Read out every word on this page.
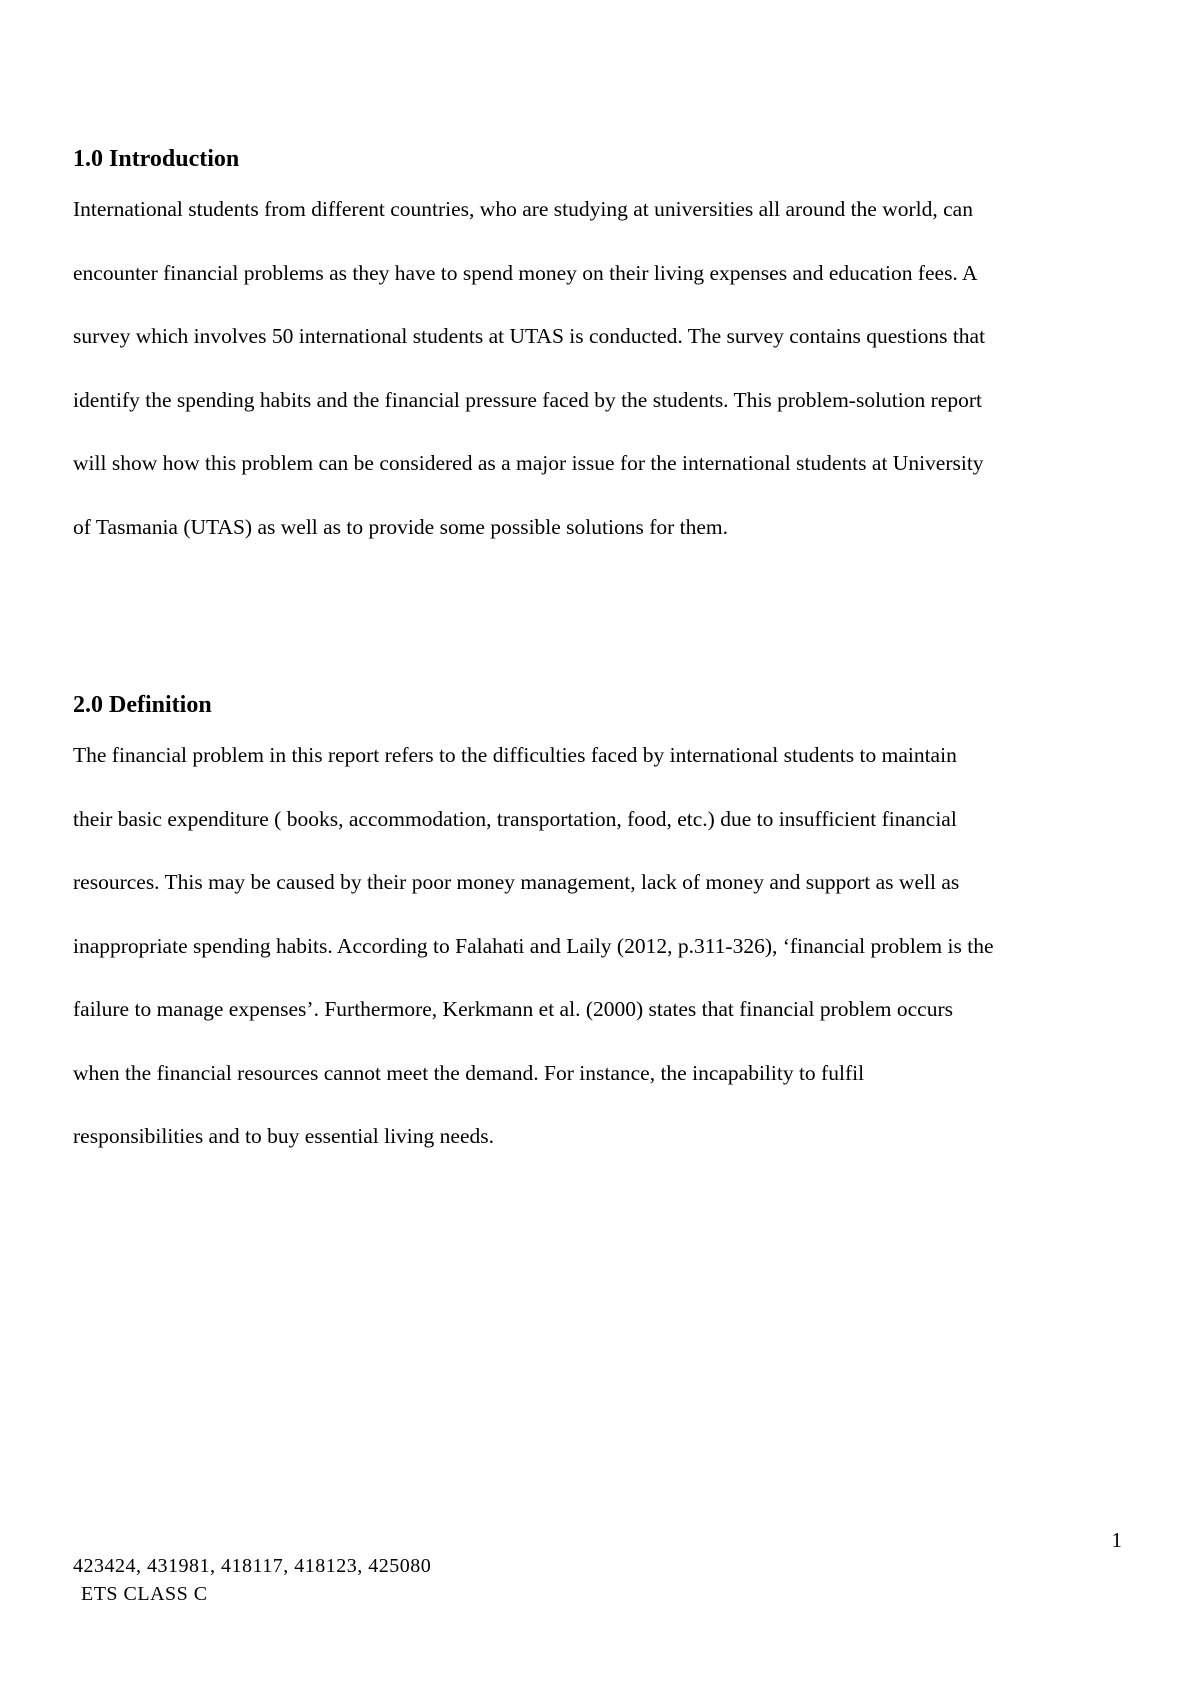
1.0 Introduction

International students from different countries, who are studying at universities all around the world, can
encounter financial problems as they have to spend money on their living expenses and education fees. A
survey which involves 50 international students at UTAS is conducted. The survey contains questions that
identify the spending habits and the financial pressure faced by the students. This problem-solution report
will show how this problem can be considered as a major issue for the international students at University
of Tasmania (UTAS) as well as to provide some possible solutions for them.

2.0 Definition

The financial problem in this report refers to the difficulties faced by international students to maintain
their basic expenditure ( books, accommodation, transportation, food, etc.) due to insufficient financial
resources. This may be caused by their poor money management, lack of money and support as well as
inappropriate spending habits. According to Falahati and Laily (2012, p.311-326), ‘financial problem is the
failure to manage expenses’. Furthermore, Kerkmann et al. (2000) states that financial problem occurs
when the financial resources cannot meet the demand. For instance, the incapability to fulfil
responsibilities and to buy essential living needs.

1
423424, 431981, 418117, 418123, 425080
ETS CLASS C
